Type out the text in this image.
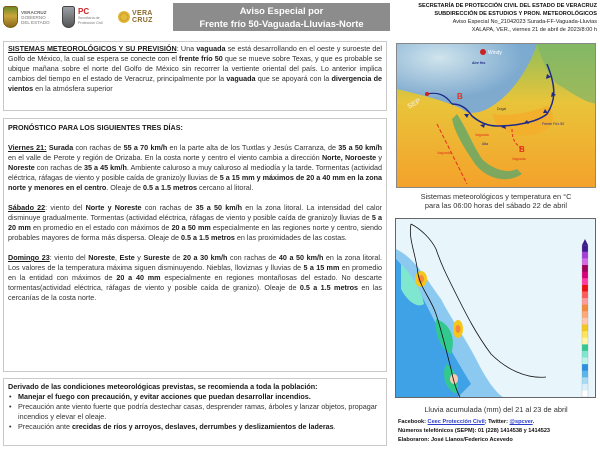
VERACRUZ
GOBIERNO
DEL ESTADO
PC
Secretaría de
Protección Civil
VERA
CRUZ
Aviso Especial por
Frente frío 50-Vaguada-Lluvias-Norte
SECRETARÍA DE PROTECCIÓN CIVIL DEL ESTADO DE VERACRUZ
SUBDIRECCIÓN DE ESTUDIOS Y PRON. METEOROLÓGICOS
Aviso Especial No_21042023 Surada-FF-Vaguada-Lluvias
XALAPA, VER., viernes 21 de abril de 2023/8:00 h

SISTEMAS METEOROLÓGICOS Y SU PREVISIÓN: Una vaguada se está desarrollando en el oeste y suroeste del Golfo de México, la cual se espera se conecte con el frente frío 50 que se mueve sobre Texas, y que es probable se ubique mañana sobre el norte del Golfo de México sin recorrer la vertiente oriental del país. Lo anterior implica cambios del tiempo en el estado de Veracruz, principalmente por la vaguada que se apoyará con la divergencia de vientos en la atmósfera superior

PRONÓSTICO PARA LOS SIGUIENTES TRES DÍAS:

Viernes 21: Surada con rachas de 55 a 70 km/h en la parte alta de los Tuxtlas y Jesús Carranza, de 35 a 50 km/h en el valle de Perote y región de Orizaba. En la costa norte y centro el viento cambia a dirección Norte, Noroeste y Noreste con rachas de 35 a 45 km/h. Ambiente caluroso a muy caluroso al mediodía y la tarde. Tormentas (actividad eléctrica, ráfagas de viento y posible caída de granizo)y lluvias de 5 a 15 mm y máximos de 20 a 40 mm en la zona norte y menores en el centro. Oleaje de 0.5 a 1.5 metros cercano al litoral.

Sábado 22: viento del Norte y Noreste con rachas de 35 a 50 km/h en la zona litoral. La intensidad del calor disminuye gradualmente. Tormentas (actividad eléctrica, ráfagas de viento y posible caída de granizo)y lluvias de 5 a 20 mm en promedio en el estado con máximos de 20 a 50 mm especialmente en las regiones norte y centro, siendo probables mayores de forma más dispersa. Oleaje de 0.5 a 1.5 metros en las proximidades de las costas.

Domingo 23: viento del Noreste, Este y Sureste de 20 a 30 km/h con rachas de 40 a 50 km/h en la zona litoral. Los valores de la temperatura máxima siguen disminuyendo. Nieblas, lloviznas y lluvias de 5 a 15 mm en promedio en la entidad con máximos de 20 a 40 mm especialmente en regiones montañosas del estado. No descarte tormentas(actividad eléctrica, ráfagas de viento y posible caída de granizo). Oleaje de 0.5 a 1.5 metros en las cercanías de la costa norte.

Derivado de las condiciones meteorológicas previstas, se recomienda a toda la población:

• Manejar el fuego con precaución, y evitar acciones que puedan desarrollar incendios.
• Precaución ante viento fuerte que podría destechar casas, desprender ramas, árboles y lanzar objetos, propagar incendios y elevar el oleaje.
• Precaución ante crecidas de ríos y arroyos, deslaves, derrumbes y deslizamientos de laderas.
B
B
SEP
Windy
Aire frío
Dogal
Frente Frío 50
Vaguada
Vaguada
Vaguada
Alta
Sistemas meteorológicos y temperatura en °C
para las 06:00 horas del sábado 22 de abril
Lluvia acumulada (mm) del 21 al 23 de abril
Facebook: Ceec Protección Civil; Twitter: @spcver.
Números telefónicos (SEPM): 01 (228) 1414538 y 1414523
Elaboraron: José Llanos/Federico Acevedo
